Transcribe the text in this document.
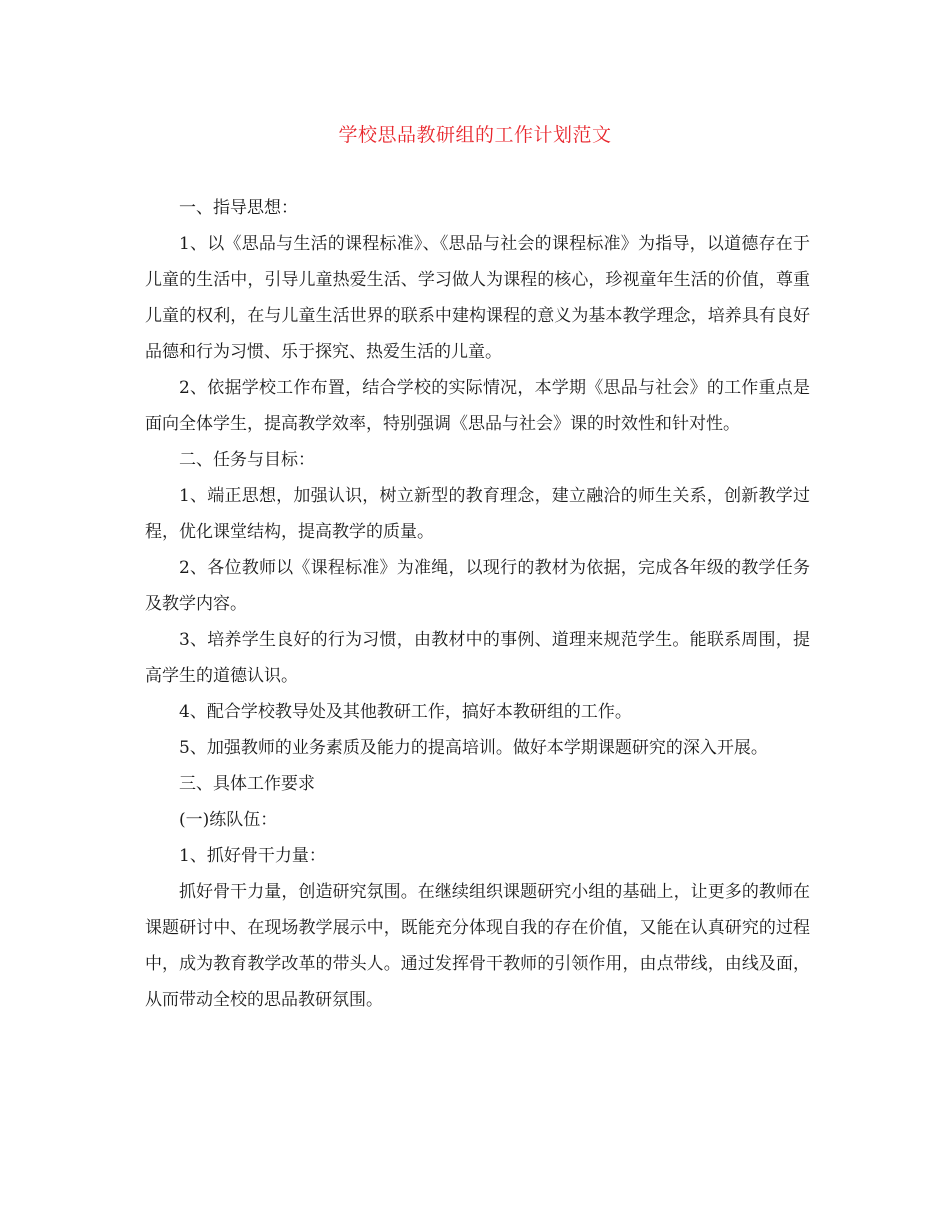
学校思品教研组的工作计划范文

一、指导思想：

1、以《思品与生活的课程标准》、《思品与社会的课程标准》为指导，以道德存在于儿童的生活中，引导儿童热爱生活、学习做人为课程的核心，珍视童年生活的价值，尊重儿童的权利，在与儿童生活世界的联系中建构课程的意义为基本教学理念，培养具有良好品德和行为习惯、乐于探究、热爱生活的儿童。

2、依据学校工作布置，结合学校的实际情况，本学期《思品与社会》的工作重点是面向全体学生，提高教学效率，特别强调《思品与社会》课的时效性和针对性。

二、任务与目标：

1、端正思想，加强认识，树立新型的教育理念，建立融洽的师生关系，创新教学过程，优化课堂结构，提高教学的质量。

2、各位教师以《课程标准》为准绳，以现行的教材为依据，完成各年级的教学任务及教学内容。

3、培养学生良好的行为习惯，由教材中的事例、道理来规范学生。能联系周围，提高学生的道德认识。

4、配合学校教导处及其他教研工作，搞好本教研组的工作。

5、加强教师的业务素质及能力的提高培训。做好本学期课题研究的深入开展。

三、具体工作要求

(一)练队伍：

1、抓好骨干力量：

抓好骨干力量，创造研究氛围。在继续组织课题研究小组的基础上，让更多的教师在课题研讨中、在现场教学展示中，既能充分体现自我的存在价值，又能在认真研究的过程中，成为教育教学改革的带头人。通过发挥骨干教师的引领作用，由点带线，由线及面，从而带动全校的思品教研氛围。
